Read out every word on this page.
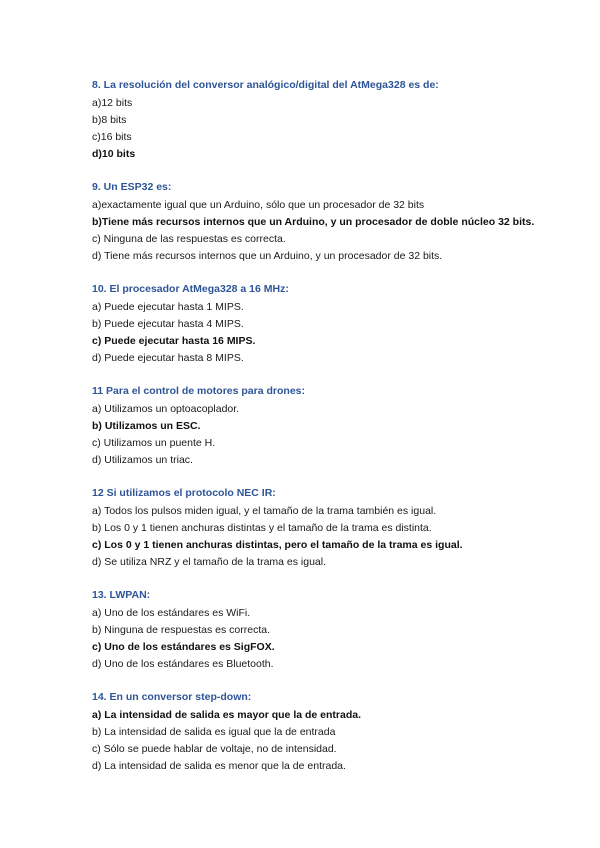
8. La resolución del conversor analógico/digital del AtMega328 es de:
a)12 bits
b)8 bits
c)16 bits
d)10 bits
9. Un ESP32 es:
a)exactamente igual que un Arduino, sólo que un procesador de 32 bits
b)Tiene más recursos internos que un Arduino, y un procesador de doble núcleo 32 bits.
c) Ninguna de las respuestas es correcta.
d) Tiene más recursos internos que un Arduino, y un procesador de 32 bits.
10. El procesador AtMega328 a 16 MHz:
a) Puede ejecutar hasta 1 MIPS.
b) Puede ejecutar hasta 4 MIPS.
c) Puede ejecutar hasta 16 MIPS.
d) Puede ejecutar hasta 8 MIPS.
11 Para el control de motores para drones:
a) Utilizamos un optoacoplador.
b) Utilizamos un ESC.
c) Utilizamos un puente H.
d) Utilizamos un triac.
12 Si utilizamos el protocolo NEC IR:
a) Todos los pulsos miden igual, y el tamaño de la trama también es igual.
b) Los 0 y 1 tienen anchuras distintas y el tamaño de la trama es distinta.
c) Los 0 y 1 tienen anchuras distintas, pero el tamaño de la trama es igual.
d) Se utiliza NRZ y el tamaño de la trama es igual.
13. LWPAN:
a) Uno de los estándares es WiFi.
b) Ninguna de respuestas es correcta.
c) Uno de los estándares es SigFOX.
d) Uno de los estándares es Bluetooth.
14. En un conversor step-down:
a) La intensidad de salida es mayor que la de entrada.
b) La intensidad de salida es igual que la de entrada
c) Sólo se puede hablar de voltaje, no de intensidad.
d) La intensidad de salida es menor que la de entrada.
